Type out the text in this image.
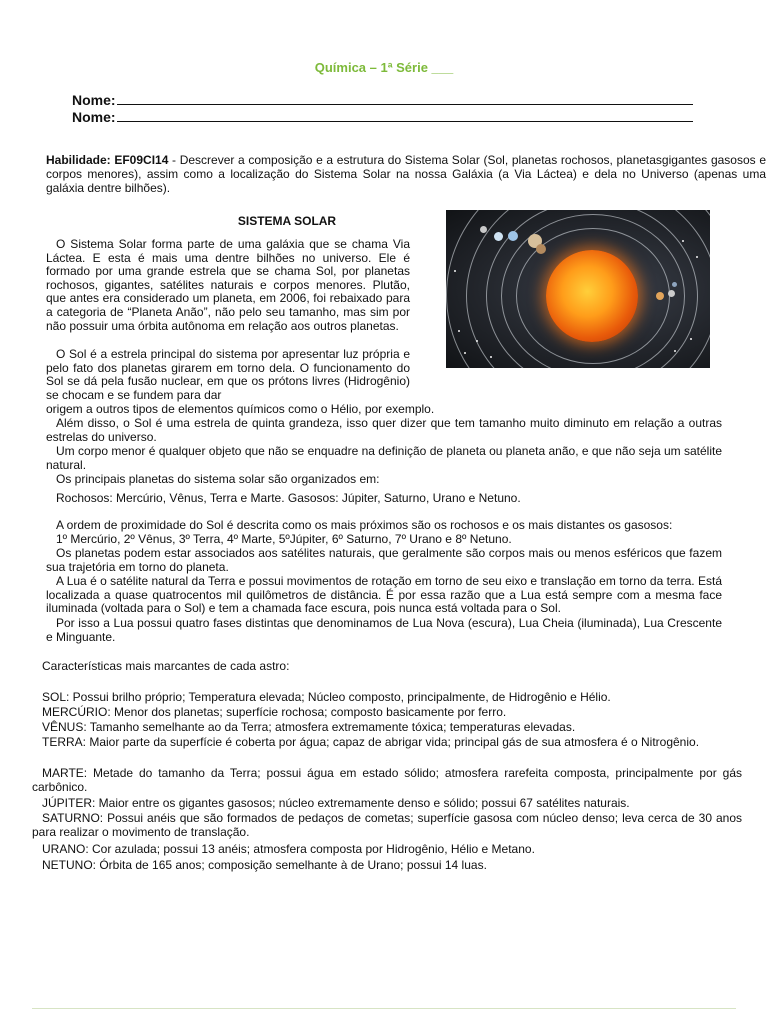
Química – 1ª Série ___
Nome:
Nome:

Habilidade: EF09CI14 - Descrever a composição e a estrutura do Sistema Solar (Sol, planetas rochosos, planetasgigantes gasosos e corpos menores), assim como a localização do Sistema Solar na nossa Galáxia (a Via Láctea) e dela no Universo (apenas uma galáxia dentre bilhões).

SISTEMA SOLAR

O Sistema Solar forma parte de uma galáxia que se chama Via Láctea. E esta é mais uma dentre bilhões no universo. Ele é formado por uma grande estrela que se chama Sol, por planetas rochosos, gigantes, satélites naturais e corpos menores. Plutão, que antes era considerado um planeta, em 2006, foi rebaixado para a categoria de “Planeta Anão”, não pelo seu tamanho, mas sim por não possuir uma órbita autônoma em relação aos outros planetas.

O Sol é a estrela principal do sistema por apresentar luz própria e pelo fato dos planetas girarem em torno dela. O funcionamento do Sol se dá pela fusão nuclear, em que os prótons livres (Hidrogênio) se chocam e se fundem para dar

origem a outros tipos de elementos químicos como o Hélio, por exemplo.

Além disso, o Sol é uma estrela de quinta grandeza, isso quer dizer que tem tamanho muito diminuto em relação a outras estrelas do universo.

Um corpo menor é qualquer objeto que não se enquadre na definição de planeta ou planeta anão, e que não seja um satélite natural.

Os principais planetas do sistema solar são organizados em:

Rochosos: Mercúrio, Vênus, Terra e Marte. Gasosos: Júpiter, Saturno, Urano e Netuno.

A ordem de proximidade do Sol é descrita como os mais próximos são os rochosos e os mais distantes os gasosos:

1º Mercúrio, 2º Vênus, 3º Terra, 4º Marte, 5ºJúpiter, 6º Saturno, 7º Urano e 8º Netuno.

Os planetas podem estar associados aos satélites naturais, que geralmente são corpos mais ou menos esféricos que fazem sua trajetória em torno do planeta.

A Lua é o satélite natural da Terra e possui movimentos de rotação em torno de seu eixo e translação em torno da terra. Está localizada a quase quatrocentos mil quilômetros de distância. É por essa razão que a Lua está sempre com a mesma face iluminada (voltada para o Sol) e tem a chamada face escura, pois nunca está voltada para o Sol.

Por isso a Lua possui quatro fases distintas que denominamos de Lua Nova (escura), Lua Cheia (iluminada), Lua Crescente e Minguante.

Características mais marcantes de cada astro:

SOL: Possui brilho próprio; Temperatura elevada; Núcleo composto, principalmente, de Hidrogênio e Hélio.

MERCÚRIO: Menor dos planetas; superfície rochosa; composto basicamente por ferro.

VÊNUS: Tamanho semelhante ao da Terra; atmosfera extremamente tóxica; temperaturas elevadas.

TERRA: Maior parte da superfície é coberta por água; capaz de abrigar vida; principal gás de sua atmosfera é o Nitrogênio.

MARTE: Metade do tamanho da Terra; possui água em estado sólido; atmosfera rarefeita composta, principalmente por gás carbônico.

JÚPITER: Maior entre os gigantes gasosos; núcleo extremamente denso e sólido; possui 67 satélites naturais.

SATURNO: Possui anéis que são formados de pedaços de cometas; superfície gasosa com núcleo denso; leva cerca de 30 anos para realizar o movimento de translação.

URANO: Cor azulada; possui 13 anéis; atmosfera composta por Hidrogênio, Hélio e Metano.

NETUNO: Órbita de 165 anos; composição semelhante à de Urano; possui 14 luas.
